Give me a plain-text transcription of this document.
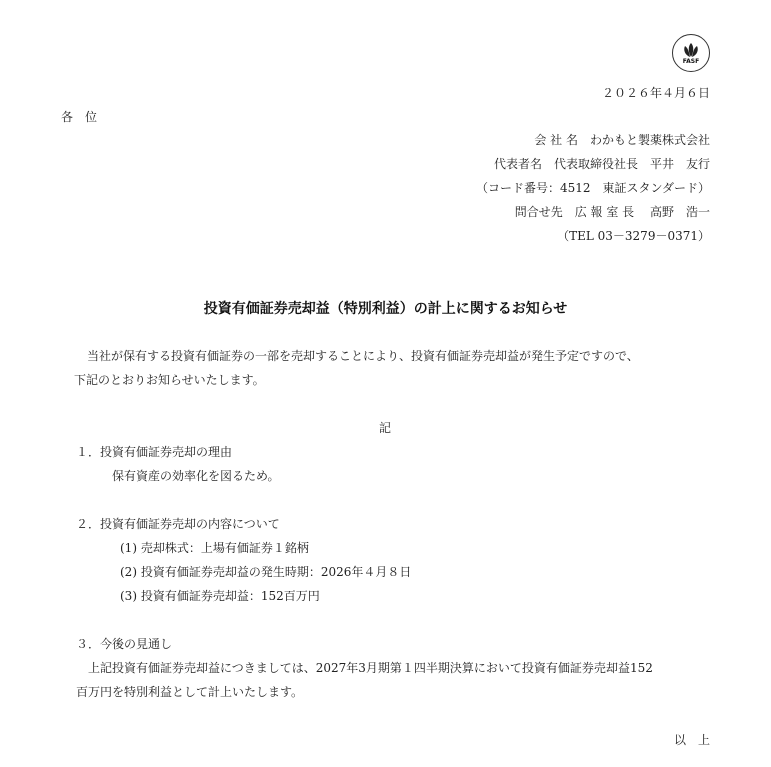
FASF
２０２６年４月６日
各　位
会 社 名　わかもと製薬株式会社
代表者名　代表取締役社長　平井　友行
（コード番号：4512　東証スタンダード）
問合せ先　広 報 室 長　 高野　浩一
（TEL 03－3279－0371）
投資有価証券売却益（特別利益）の計上に関するお知らせ
当社が保有する投資有価証券の一部を売却することにより、投資有価証券売却益が発生予定ですので、
下記のとおりお知らせいたします。
記
１．投資有価証券売却の理由
保有資産の効率化を図るため。
２．投資有価証券売却の内容について
(1) 売却株式：上場有価証券１銘柄
(2) 投資有価証券売却益の発生時期：2026年４月８日
(3) 投資有価証券売却益：152百万円
３．今後の見通し
上記投資有価証券売却益につきましては、2027年3月期第１四半期決算において投資有価証券売却益152
百万円を特別利益として計上いたします。
以　上
